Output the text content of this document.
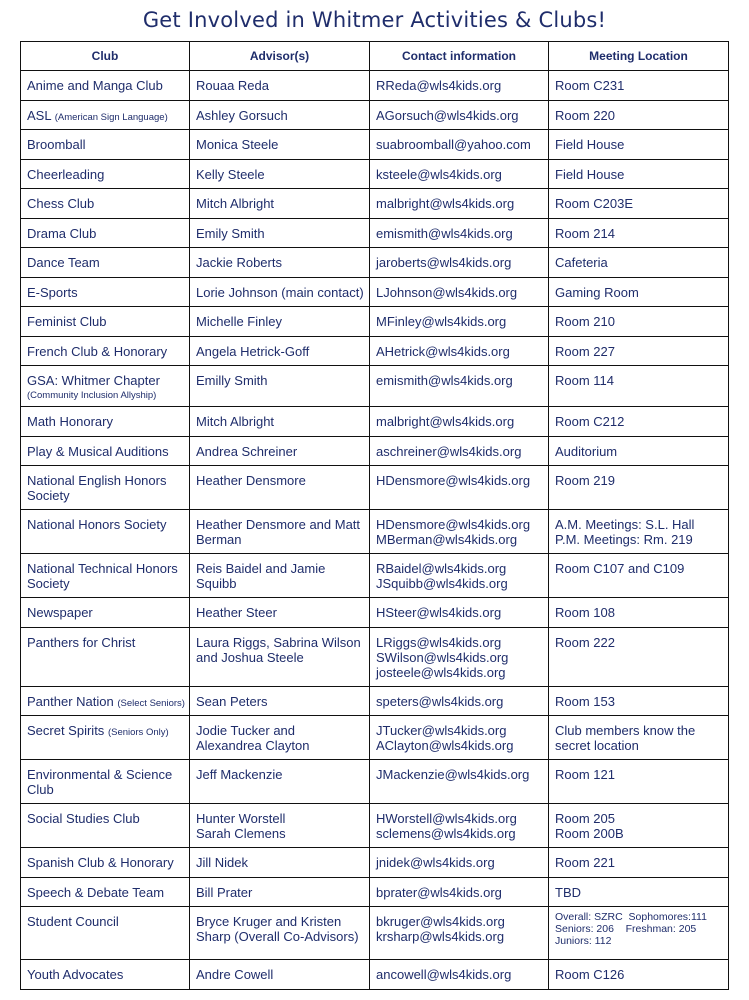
Get Involved in Whitmer Activities & Clubs!
Club	Advisor(s)	Contact information	Meeting Location

Anime and Manga Club	Rouaa Reda	RReda@wls4kids.org	Room C231

ASL (American Sign Language)	Ashley Gorsuch	AGorsuch@wls4kids.org	Room 220

Broomball	Monica Steele	suabroomball@yahoo.com	Field House

Cheerleading	Kelly Steele	ksteele@wls4kids.org	Field House

Chess Club	Mitch Albright	malbright@wls4kids.org	Room C203E

Drama Club	Emily Smith	emismith@wls4kids.org	Room 214

Dance Team	Jackie Roberts	jaroberts@wls4kids.org	Cafeteria

E-Sports	Lorie Johnson (main contact)	LJohnson@wls4kids.org	Gaming Room

Feminist Club	Michelle Finley	MFinley@wls4kids.org	Room 210

French Club & Honorary	Angela Hetrick-Goff	AHetrick@wls4kids.org	Room 227

GSA: Whitmer Chapter
(Community Inclusion Allyship)	Emilly Smith	emismith@wls4kids.org	Room 114

Math Honorary	Mitch Albright	malbright@wls4kids.org	Room C212

Play & Musical Auditions	Andrea Schreiner	aschreiner@wls4kids.org	Auditorium

National English Honors
Society	Heather Densmore	HDensmore@wls4kids.org	Room 219

National Honors Society	Heather Densmore and Matt
Berman	HDensmore@wls4kids.org
MBerman@wls4kids.org	A.M. Meetings: S.L. Hall
P.M. Meetings: Rm. 219

National Technical Honors
Society	Reis Baidel and Jamie
Squibb	RBaidel@wls4kids.org
JSquibb@wls4kids.org	Room C107 and C109

Newspaper	Heather Steer	HSteer@wls4kids.org	Room 108

Panthers for Christ	Laura Riggs, Sabrina Wilson
and Joshua Steele	LRiggs@wls4kids.org
SWilson@wls4kids.org
josteele@wls4kids.org	Room 222

Panther Nation (Select Seniors)	Sean Peters	speters@wls4kids.org	Room 153

Secret Spirits (Seniors Only)	Jodie Tucker and
Alexandrea Clayton	JTucker@wls4kids.org
AClayton@wls4kids.org	Club members know the
secret location

Environmental & Science
Club	Jeff Mackenzie	JMackenzie@wls4kids.org	Room 121

Social Studies Club	Hunter Worstell
Sarah Clemens	HWorstell@wls4kids.org
sclemens@wls4kids.org	Room 205
Room 200B

Spanish Club & Honorary	Jill Nidek	jnidek@wls4kids.org	Room 221

Speech & Debate Team	Bill Prater	bprater@wls4kids.org	TBD

Student Council	Bryce Kruger and Kristen
Sharp (Overall Co-Advisors)	bkruger@wls4kids.org
krsharp@wls4kids.org	Overall: SZRC  Sophomores:111
Seniors: 206    Freshman: 205
Juniors: 112

Youth Advocates	Andre Cowell	ancowell@wls4kids.org	Room C126
